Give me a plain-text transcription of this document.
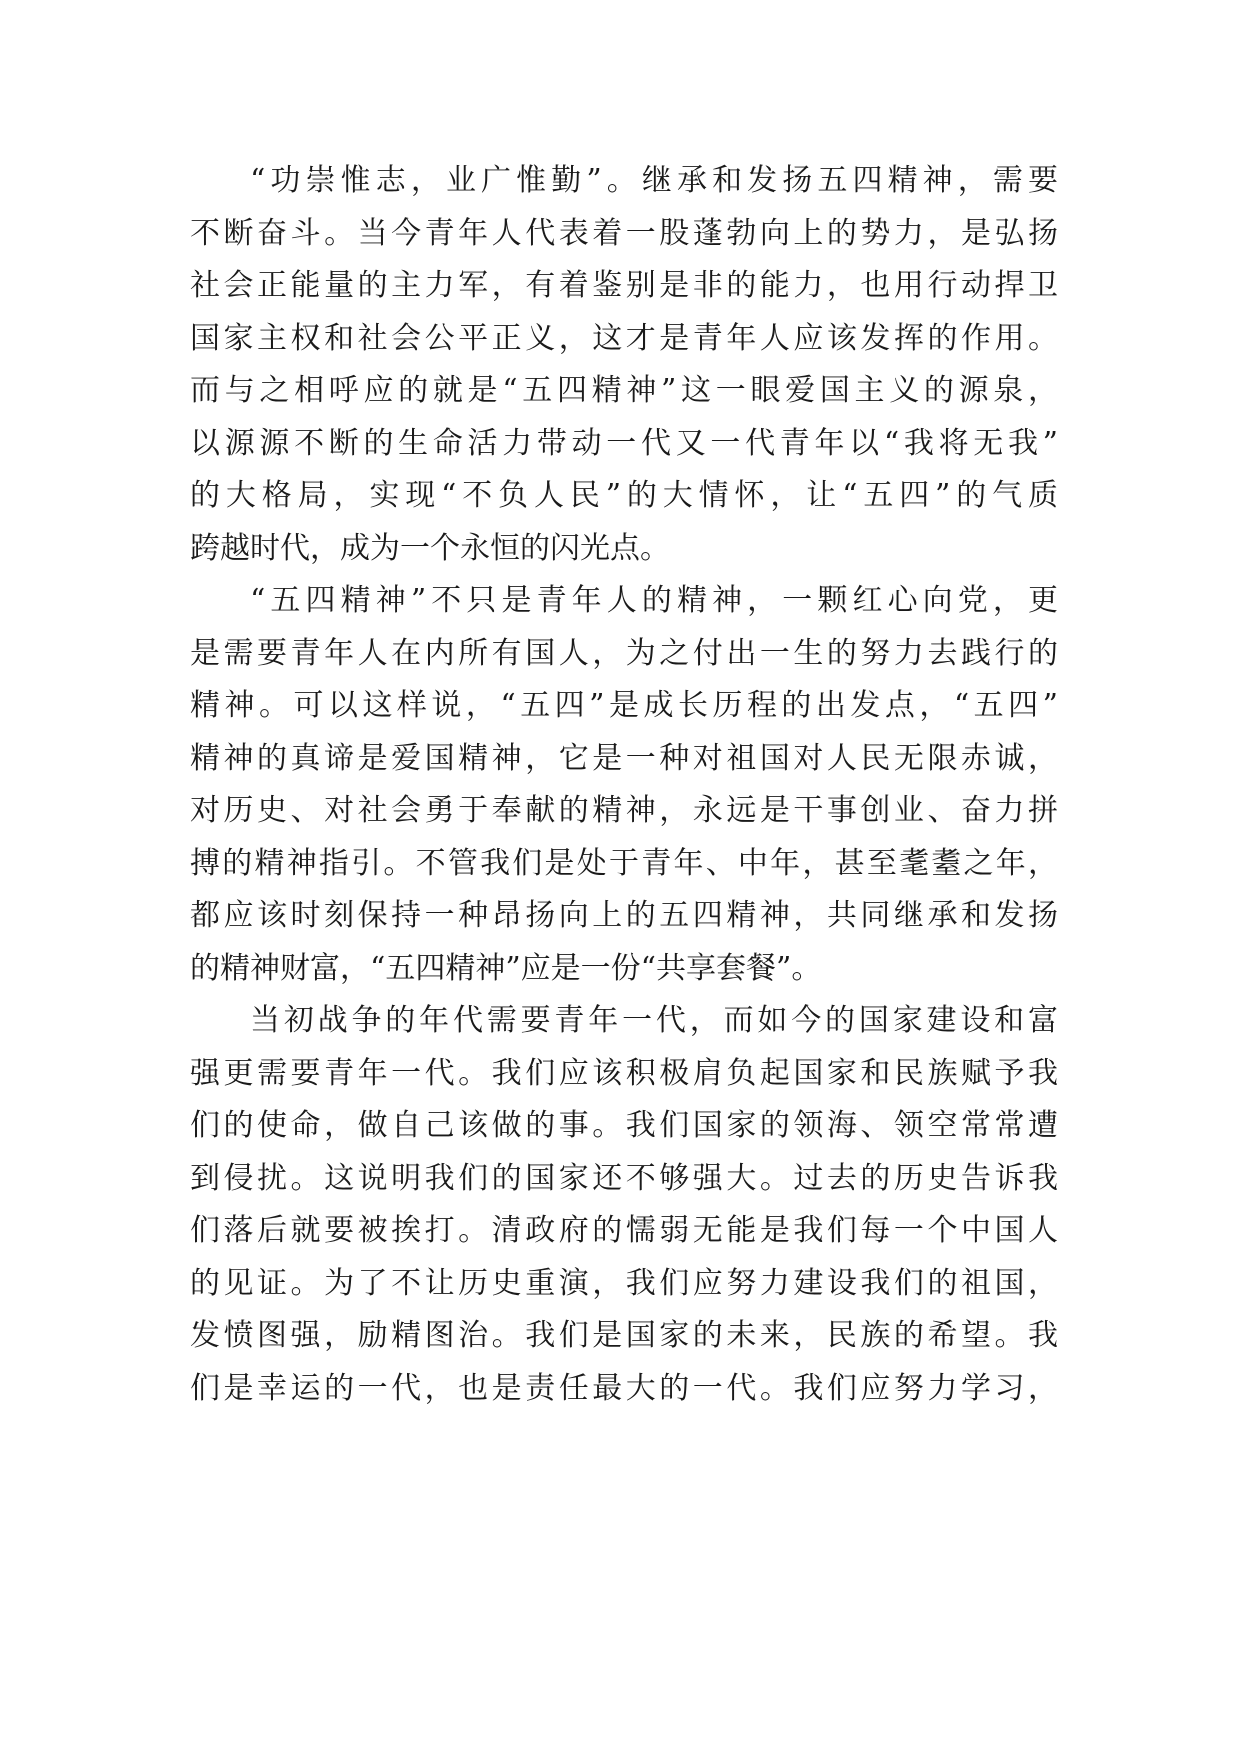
“功崇惟志，业广惟勤”。继承和发扬五四精神，需要
不断奋斗。当今青年人代表着一股蓬勃向上的势力，是弘扬
社会正能量的主力军，有着鉴别是非的能力，也用行动捍卫
国家主权和社会公平正义，这才是青年人应该发挥的作用。
而与之相呼应的就是“五四精神”这一眼爱国主义的源泉，
以源源不断的生命活力带动一代又一代青年以“我将无我”
的大格局，实现“不负人民”的大情怀，让“五四”的气质
跨越时代，成为一个永恒的闪光点。
“五四精神”不只是青年人的精神，一颗红心向党，更
是需要青年人在内所有国人，为之付出一生的努力去践行的
精神。可以这样说，“五四”是成长历程的出发点，“五四”
精神的真谛是爱国精神，它是一种对祖国对人民无限赤诚，
对历史、对社会勇于奉献的精神，永远是干事创业、奋力拼
搏的精神指引。不管我们是处于青年、中年，甚至耄耋之年，
都应该时刻保持一种昂扬向上的五四精神，共同继承和发扬
的精神财富，“五四精神”应是一份“共享套餐”。
当初战争的年代需要青年一代，而如今的国家建设和富
强更需要青年一代。我们应该积极肩负起国家和民族赋予我
们的使命，做自己该做的事。我们国家的领海、领空常常遭
到侵扰。这说明我们的国家还不够强大。过去的历史告诉我
们落后就要被挨打。清政府的懦弱无能是我们每一个中国人
的见证。为了不让历史重演，我们应努力建设我们的祖国，
发愤图强，励精图治。我们是国家的未来，民族的希望。我
们是幸运的一代，也是责任最大的一代。我们应努力学习，
